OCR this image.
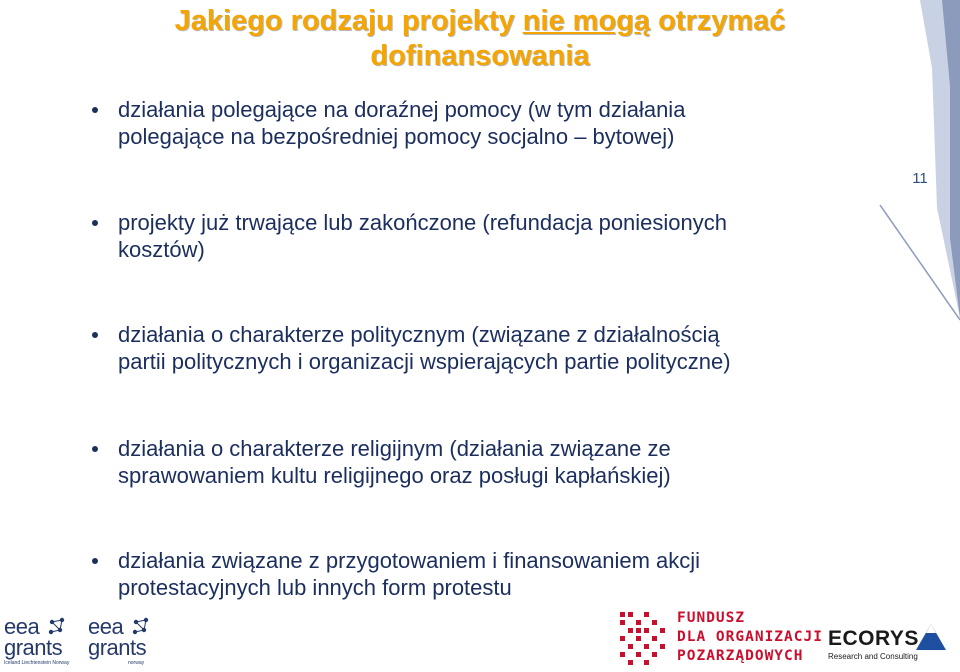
11
Jakiego rodzaju projekty nie mogą otrzymać
dofinansowania
działania polegające na doraźnej pomocy (w tym działania
polegające na bezpośredniej pomocy socjalno – bytowej)
projekty już trwające lub zakończone (refundacja poniesionych
kosztów)
działania o charakterze politycznym (związane z działalnością
partii politycznych i organizacji wspierających partie polityczne)
działania o charakterze religijnym (działania związane ze
sprawowaniem kultu religijnego oraz posługi kapłańskiej)
działania związane z przygotowaniem i finansowaniem akcji
protestacyjnych lub innych form protestu
eea
grants
Iceland Liechtenstein Norway
eea
grants
norway
FUNDUSZ
DLA ORGANIZACJI
POZARZĄDOWYCH
ECORYS
Research and Consulting
